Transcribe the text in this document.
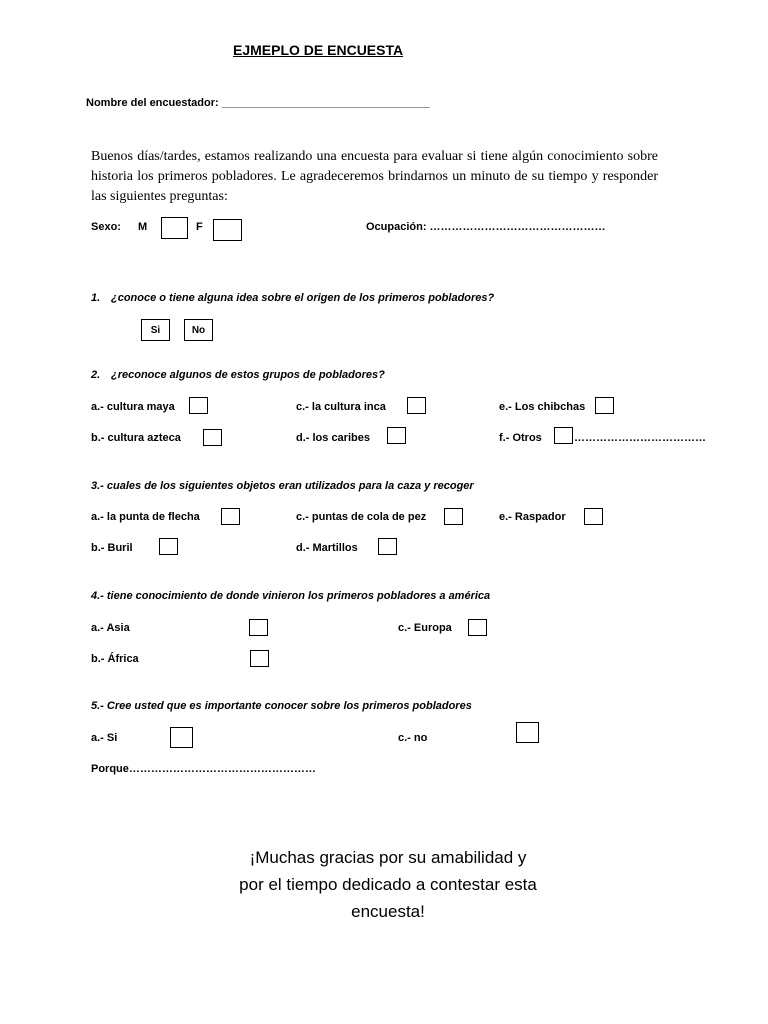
EJMEPLO DE ENCUESTA
Nombre del encuestador: __________________________________
Buenos días/tardes, estamos realizando una encuesta para evaluar si tiene algún conocimiento sobre historia los primeros pobladores. Le agradeceremos brindarnos un minuto de su tiempo y responder las siguientes preguntas:
Sexo: M	F	Ocupación: …………………………………………
1. ¿conoce o tiene alguna idea sobre el origen de los primeros pobladores?
Si	No
2. ¿reconoce algunos de estos grupos de pobladores?
a.- cultura maya	c.- la cultura inca	e.- Los chibchas
b.- cultura azteca	d.- los caribes	f.- Otros	………………………………
3.- cuales de los siguientes objetos eran utilizados para la caza y recoger
a.- la punta de flecha	c.- puntas de cola de pez	e.- Raspador
b.- Buril	d.- Martillos
4.- tiene conocimiento de donde vinieron los primeros pobladores a américa
a.- Asia	c.- Europa
b.- África
5.- Cree usted que es importante conocer sobre los primeros pobladores
a.- Si	c.- no
Porque……………………………………………
¡Muchas gracias por su amabilidad y por el tiempo dedicado a contestar esta encuesta!
